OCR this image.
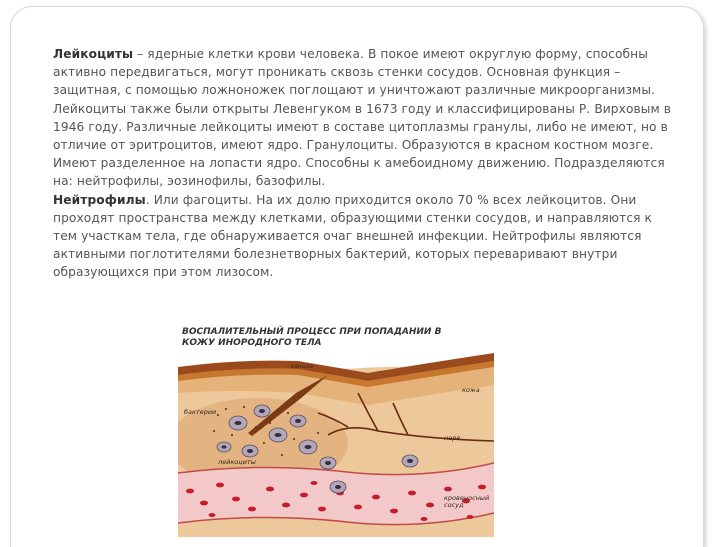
Лейкоциты – ядерные клетки крови человека. В покое имеют округлую форму, способны активно передвигаться, могут проникать сквозь стенки сосудов. Основная функция – защитная, с помощью ложноножек поглощают и уничтожают различные микроорганизмы. Лейкоциты также были открыты Левенгуком в 1673 году и классифицированы Р. Вирховым в 1946 году. Различные лейкоциты имеют в составе цитоплазмы гранулы, либо не имеют, но в отличие от эритроцитов, имеют ядро. Гранулоциты. Образуются в красном костном мозге. Имеют разделенное на лопасти ядро. Способны к амебоидному движению. Подразделяются на: нейтрофилы, эозинофилы, базофилы.

Нейтрофилы. Или фагоциты. На их долю приходится около 70 % всех лейкоцитов. Они проходят пространства между клетками, образующими стенки сосудов, и направляются к тем участкам тела, где обнаруживается очаг внешней инфекции. Нейтрофилы являются активными поглотителями болезнетворных бактерий, которых переваривают внутри образующихся при этом лизосом.

ВОСПАЛИТЕЛЬНЫЙ ПРОЦЕСС ПРИ ПОПАДАНИИ В КОЖУ ИНОРОДНОГО ТЕЛА
заноза
кожа
бактерии
нерв
лейкоциты
кровеносный сосуд
